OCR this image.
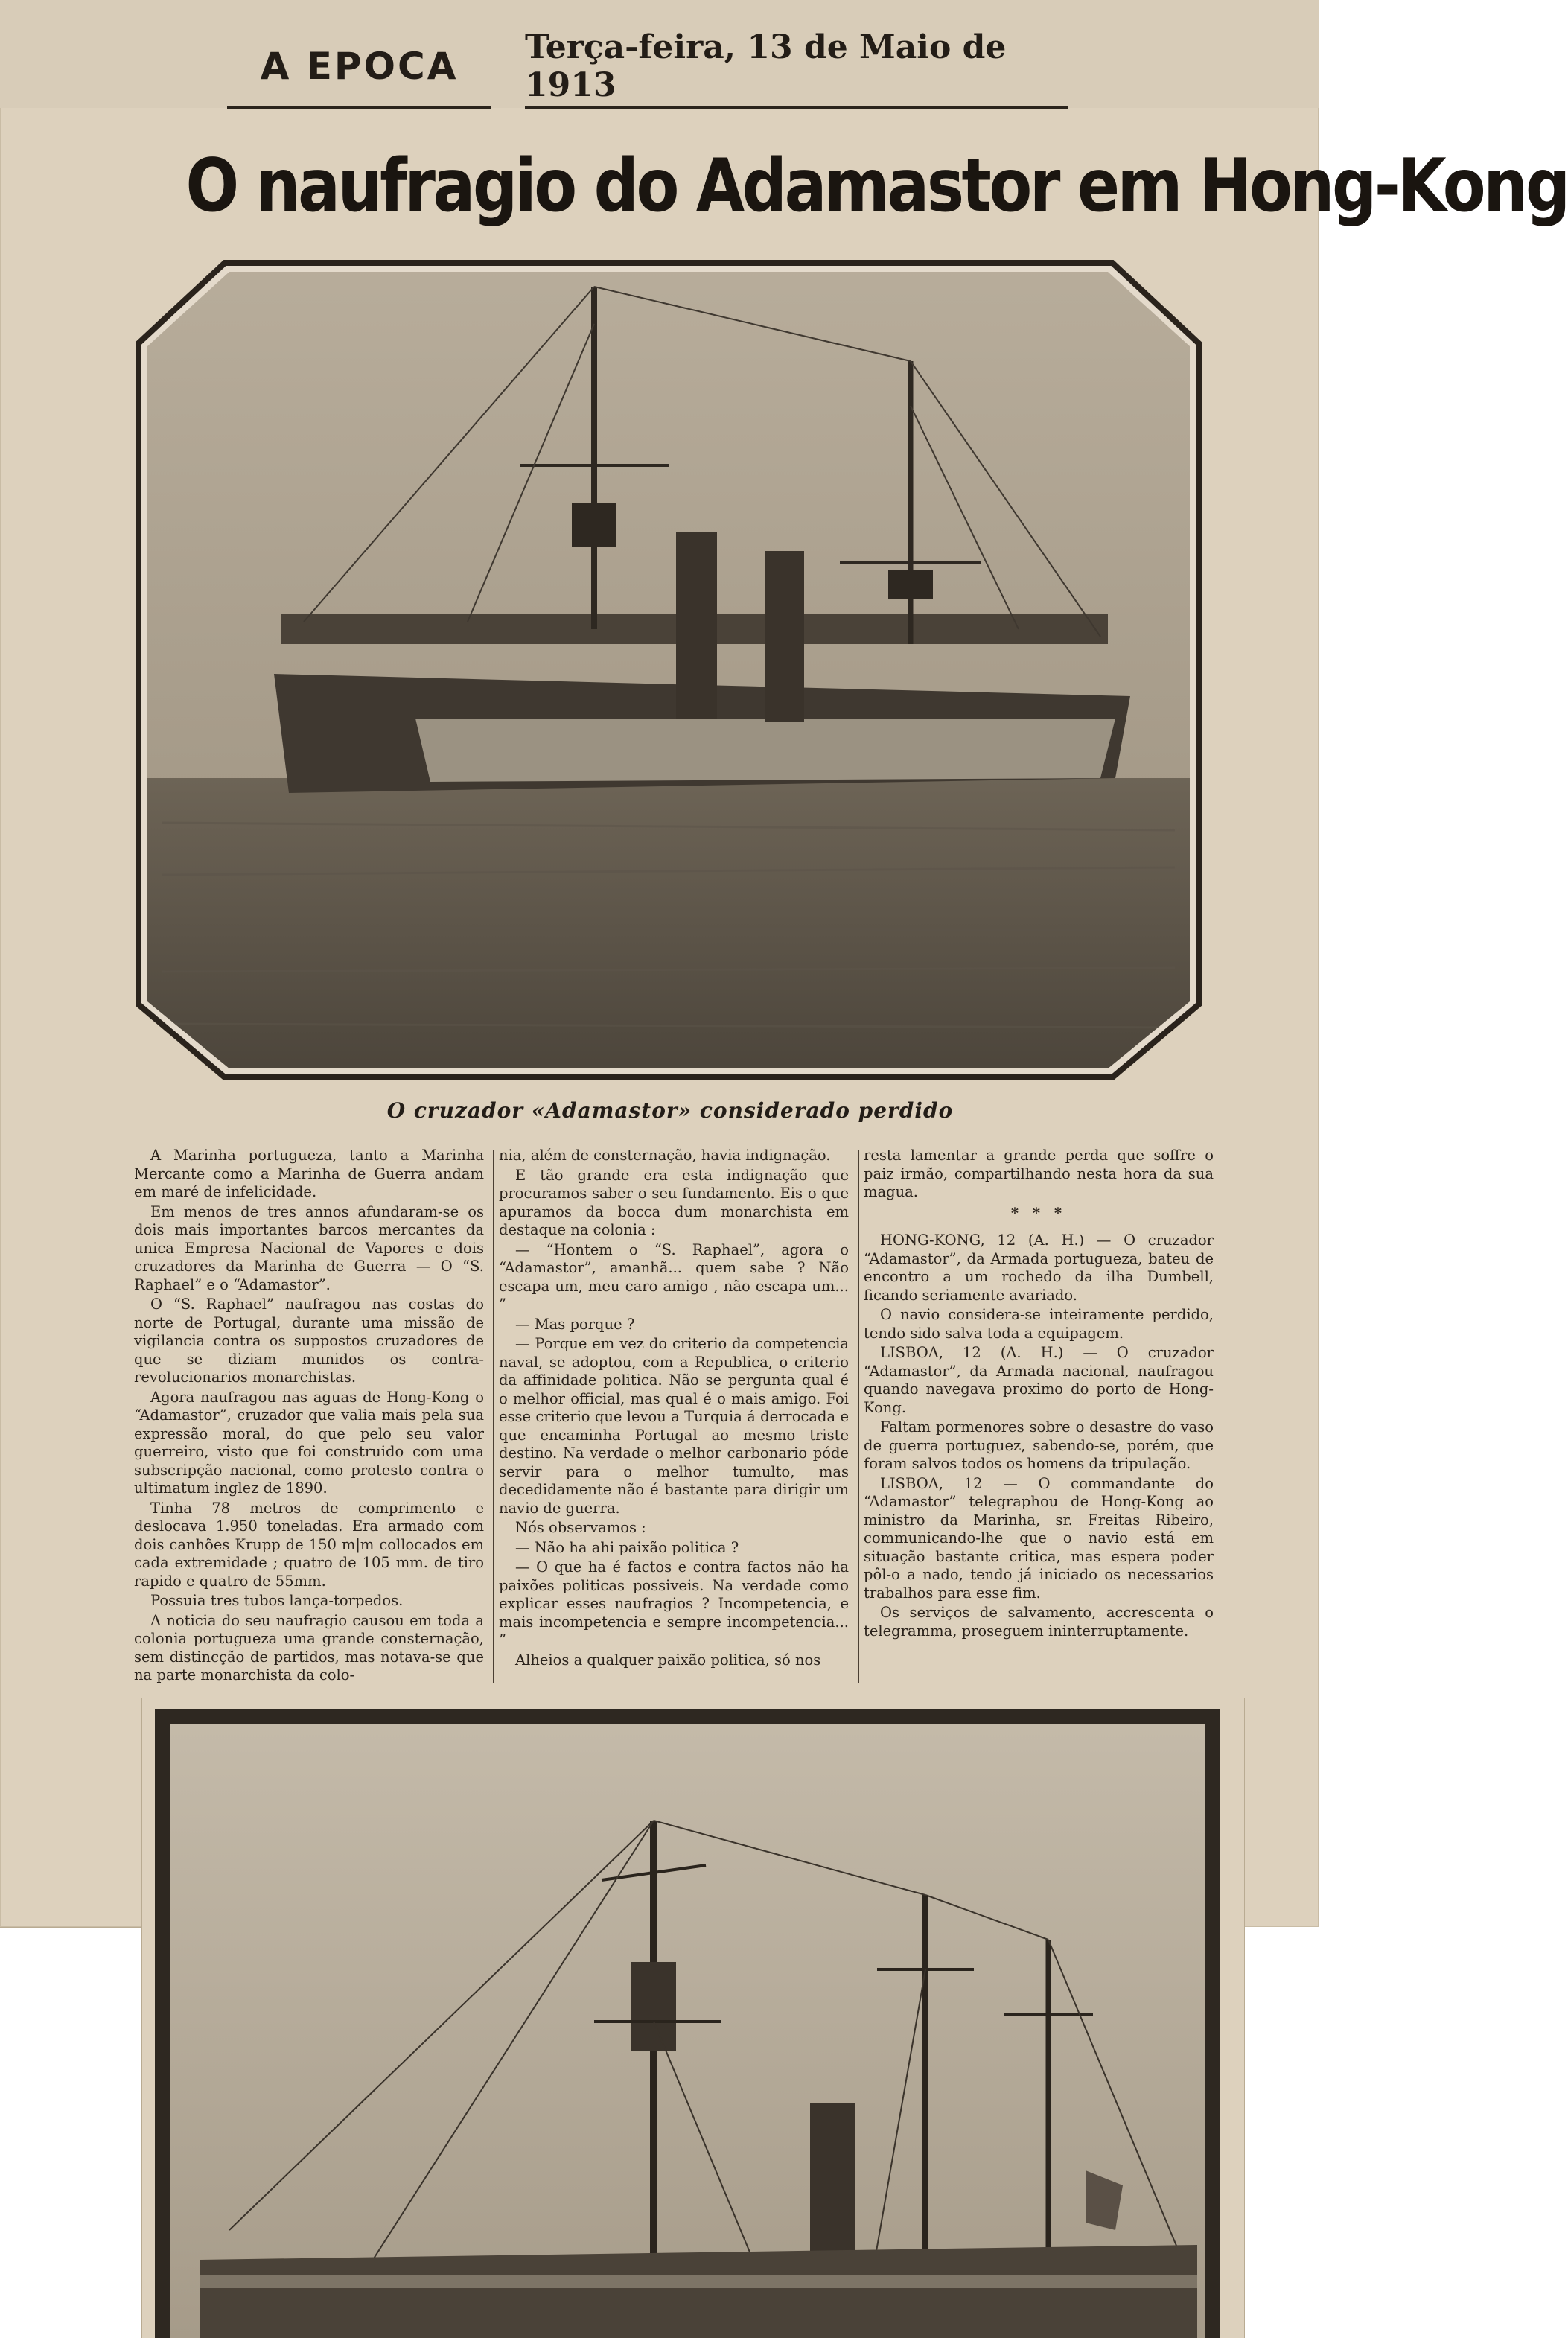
A EPOCA Terça-feira, 13 de Maio de 1913
O naufragio do Adamastor em Hong-Kong
O cruzador «Adamastor» considerado perdido

A Marinha portugueza, tanto a Marinha Mercante como a Marinha de Guerra andam em maré de infelicidade.

Em menos de tres annos afundaram-se os dois mais importantes barcos mercantes da unica Empresa Nacional de Vapores e dois cruzadores da Marinha de Guerra — O “S. Raphael” e o “Adamastor”.

O “S. Raphael” naufragou nas costas do norte de Portugal, durante uma missão de vigilancia contra os suppostos cruzadores de que se diziam munidos os contra-revolucionarios monarchistas.

Agora naufragou nas aguas de Hong-Kong o “Adamastor”, cruzador que valia mais pela sua expressão moral, do que pelo seu valor guerreiro, visto que foi construido com uma subscripção nacional, como protesto contra o ultimatum inglez de 1890.

Tinha 78 metros de comprimento e deslocava 1.950 toneladas. Era armado com dois canhões Krupp de 150 m|m collocados em cada extremidade ; quatro de 105 mm. de tiro rapido e quatro de 55mm.

Possuia tres tubos lança-torpedos.

A noticia do seu naufragio causou em toda a colonia portugueza uma grande consternação, sem distincção de partidos, mas notava-se que na parte monarchista da colo-

nia, além de consternação, havia indignação.

E tão grande era esta indignação que procuramos saber o seu fundamento. Eis o que apuramos da bocca dum monarchista em destaque na colonia :

— “Hontem o “S. Raphael”, agora o “Adamastor”, amanhã... quem sabe ? Não escapa um, meu caro amigo , não escapa um... ”

— Mas porque ?

— Porque em vez do criterio da competencia naval, se adoptou, com a Republica, o criterio da affinidade politica. Não se pergunta qual é o melhor official, mas qual é o mais amigo. Foi esse criterio que levou a Turquia á derrocada e que encaminha Portugal ao mesmo triste destino. Na verdade o melhor carbonario póde servir para o melhor tumulto, mas decedidamente não é bastante para dirigir um navio de guerra.

Nós observamos :

— Não ha ahi paixão politica ?

— O que ha é factos e contra factos não ha paixões politicas possiveis. Na verdade como explicar esses naufragios ? Incompetencia, e mais incompetencia e sempre incompetencia... ”

Alheios a qualquer paixão politica, só nos

resta lamentar a grande perda que soffre o paiz irmão, compartilhando nesta hora da sua magua.

* * *

HONG-KONG, 12 (A. H.) — O cruzador “Adamastor”, da Armada portugueza, bateu de encontro a um rochedo da ilha Dumbell, ficando seriamente avariado.

O navio considera-se inteiramente perdido, tendo sido salva toda a equipagem.

LISBOA, 12 (A. H.) — O cruzador “Adamastor”, da Armada nacional, naufragou quando navegava proximo do porto de Hong-Kong.

Faltam pormenores sobre o desastre do vaso de guerra portuguez, sabendo-se, porém, que foram salvos todos os homens da tripulação.

LISBOA, 12 — O commandante do “Adamastor” telegraphou de Hong-Kong ao ministro da Marinha, sr. Freitas Ribeiro, communicando-lhe que o navio está em situação bastante critica, mas espera poder pôl-o a nado, tendo já iniciado os necessarios trabalhos para esse fim.

Os serviços de salvamento, accrescenta o telegramma, proseguem ininterruptamente.
